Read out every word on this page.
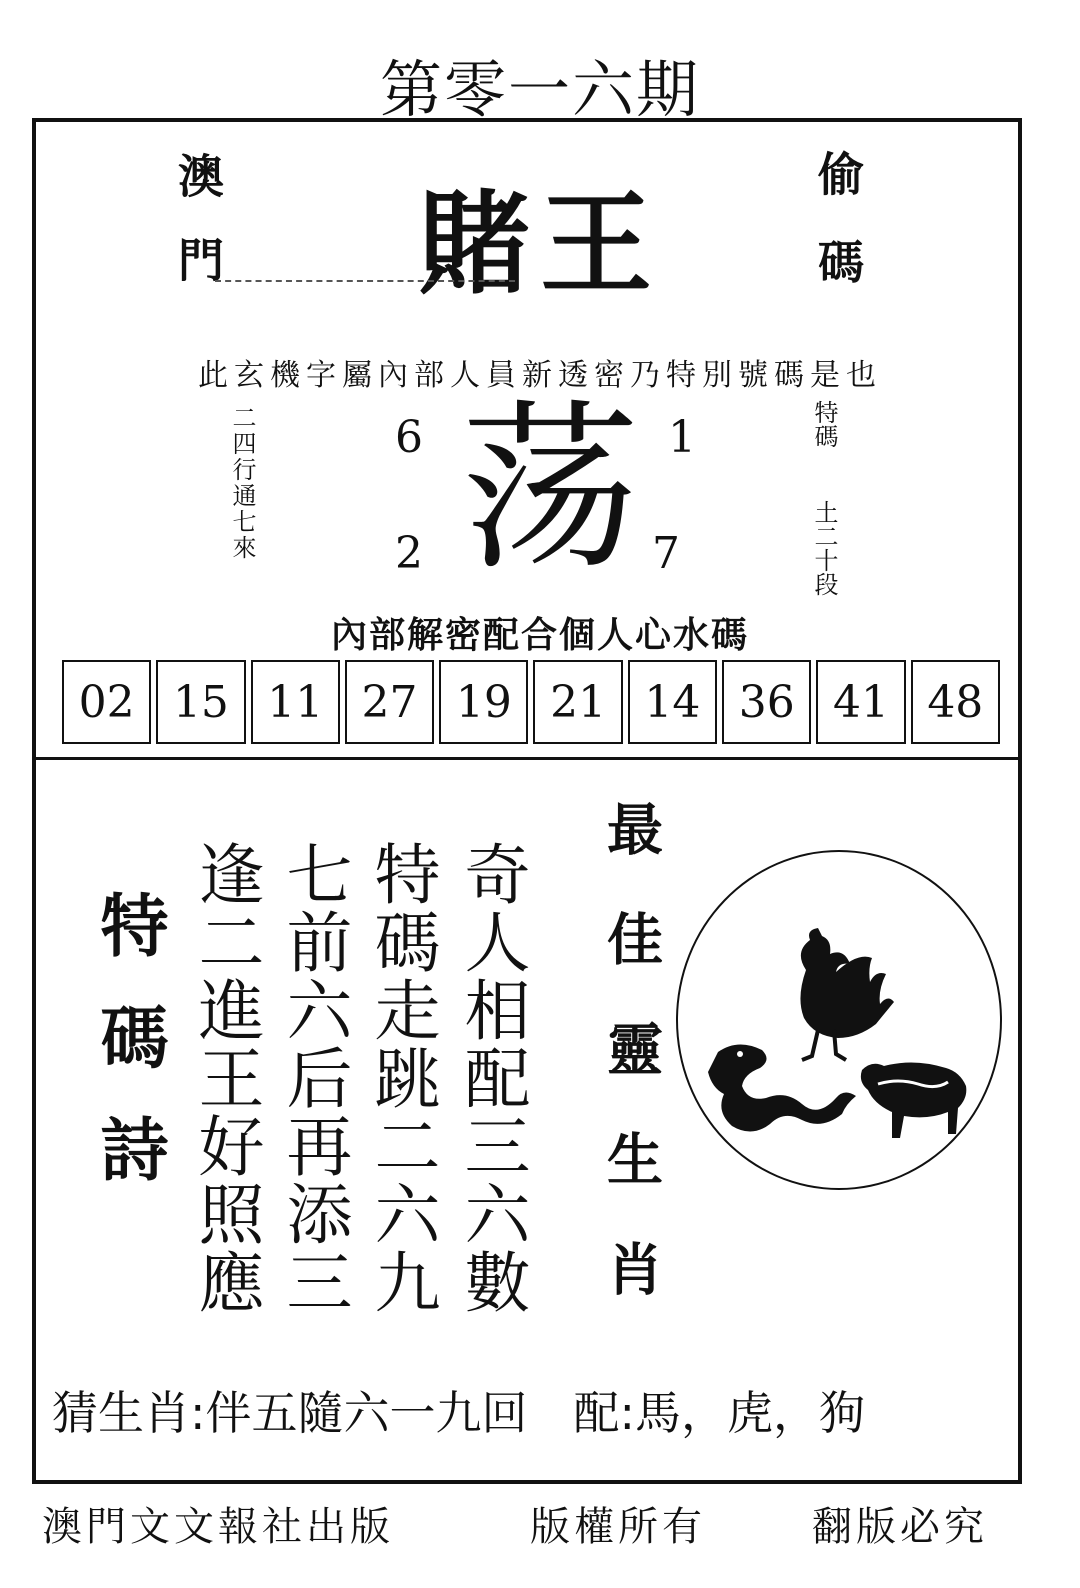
第零一六期
澳門	偷碼
賭王
此玄機字屬內部人員新透密乃特別號碼是也
二四行通七來	特碼
土二十段
6	1
2	7
荡
內部解密配合個人心水碼
02 15 11 27 19 21 14 36 41 48
特碼詩	奇人相配三六數
特碼走跳二六九
七前六后再添三
逢二進王好照應	最佳靈生肖
猜生肖:伴五隨六一九回　配:馬，虎，狗
澳門文文報社出版	版權所有	翻版必究
